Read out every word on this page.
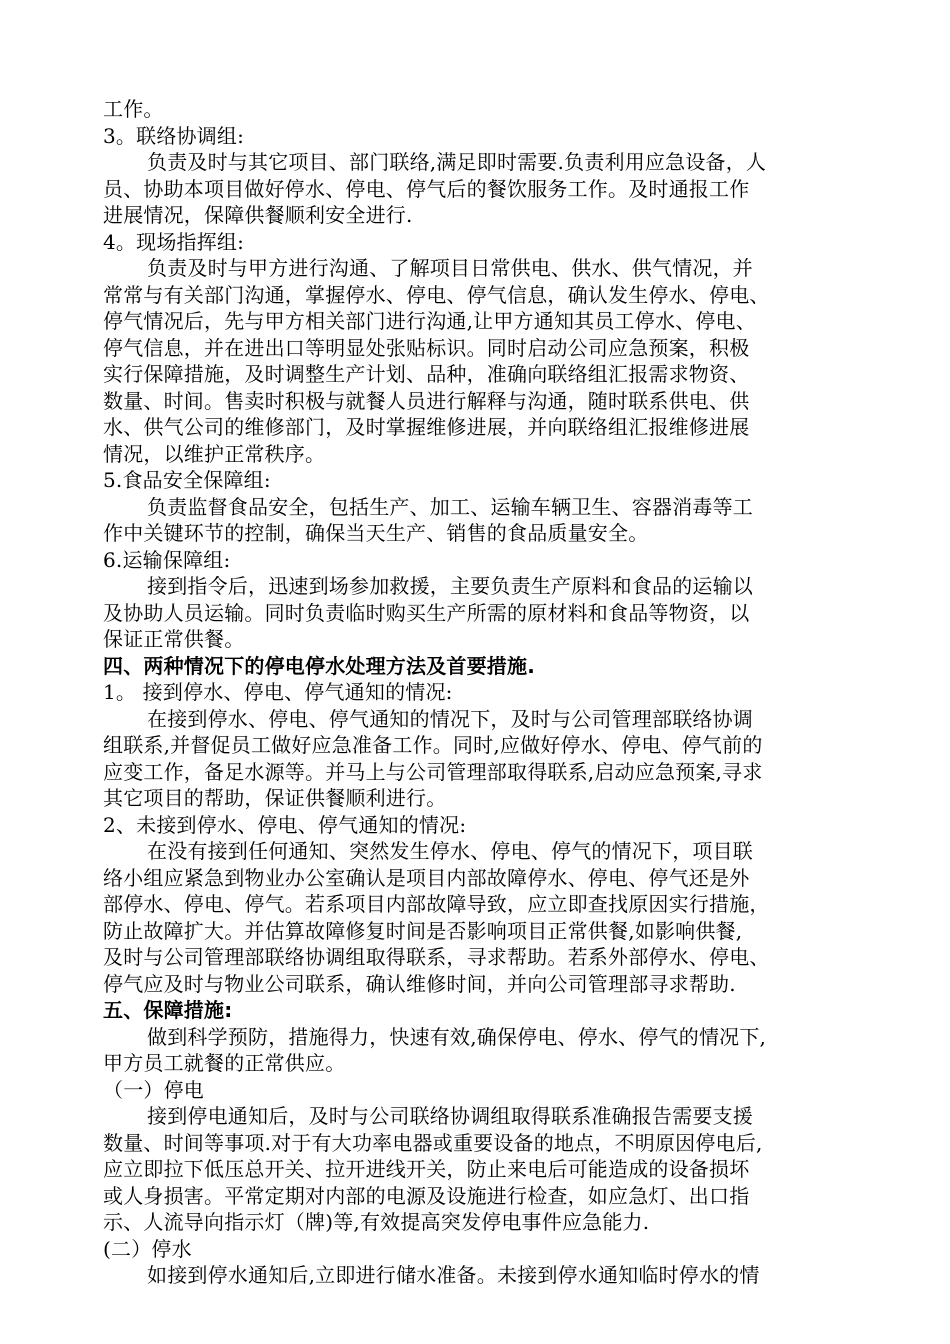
工作。
3。联络协调组:
负责及时与其它项目、部门联络,满足即时需要.负责利用应急设备，人
员、协助本项目做好停水、停电、停气后的餐饮服务工作。及时通报工作
进展情况，保障供餐顺利安全进行.
4。现场指挥组:
负责及时与甲方进行沟通、了解项目日常供电、供水、供气情况，并
常常与有关部门沟通，掌握停水、停电、停气信息，确认发生停水、停电、
停气情况后，先与甲方相关部门进行沟通,让甲方通知其员工停水、停电、
停气信息，并在进出口等明显处张贴标识。同时启动公司应急预案，积极
实行保障措施，及时调整生产计划、品种，准确向联络组汇报需求物资、
数量、时间。售卖时积极与就餐人员进行解释与沟通，随时联系供电、供
水、供气公司的维修部门，及时掌握维修进展，并向联络组汇报维修进展
情况，以维护正常秩序。
5.食品安全保障组:
负责监督食品安全，包括生产、加工、运输车辆卫生、容器消毒等工
作中关键环节的控制，确保当天生产、销售的食品质量安全。
6.运输保障组:
接到指令后，迅速到场参加救援，主要负责生产原料和食品的运输以
及协助人员运输。同时负责临时购买生产所需的原材料和食品等物资，以
保证正常供餐。
四、两种情况下的停电停水处理方法及首要措施.
1。 接到停水、停电、停气通知的情况:
在接到停水、停电、停气通知的情况下，及时与公司管理部联络协调
组联系,并督促员工做好应急准备工作。同时,应做好停水、停电、停气前的
应变工作，备足水源等。并马上与公司管理部取得联系,启动应急预案,寻求
其它项目的帮助，保证供餐顺利进行。
2、未接到停水、停电、停气通知的情况:
在没有接到任何通知、突然发生停水、停电、停气的情况下，项目联
络小组应紧急到物业办公室确认是项目内部故障停水、停电、停气还是外
部停水、停电、停气。若系项目内部故障导致，应立即查找原因实行措施，
防止故障扩大。并估算故障修复时间是否影响项目正常供餐,如影响供餐,
及时与公司管理部联络协调组取得联系，寻求帮助。若系外部停水、停电、
停气应及时与物业公司联系，确认维修时间，并向公司管理部寻求帮助.
五、保障措施:
做到科学预防，措施得力，快速有效,确保停电、停水、停气的情况下,
甲方员工就餐的正常供应。
（一）停电
接到停电通知后，及时与公司联络协调组取得联系准确报告需要支援
数量、时间等事项.对于有大功率电器或重要设备的地点，不明原因停电后,
应立即拉下低压总开关、拉开进线开关，防止来电后可能造成的设备损坏
或人身损害。平常定期对内部的电源及设施进行检查，如应急灯、出口指
示、人流导向指示灯（牌)等,有效提高突发停电事件应急能力.
(二）停水
如接到停水通知后,立即进行储水准备。未接到停水通知临时停水的情
